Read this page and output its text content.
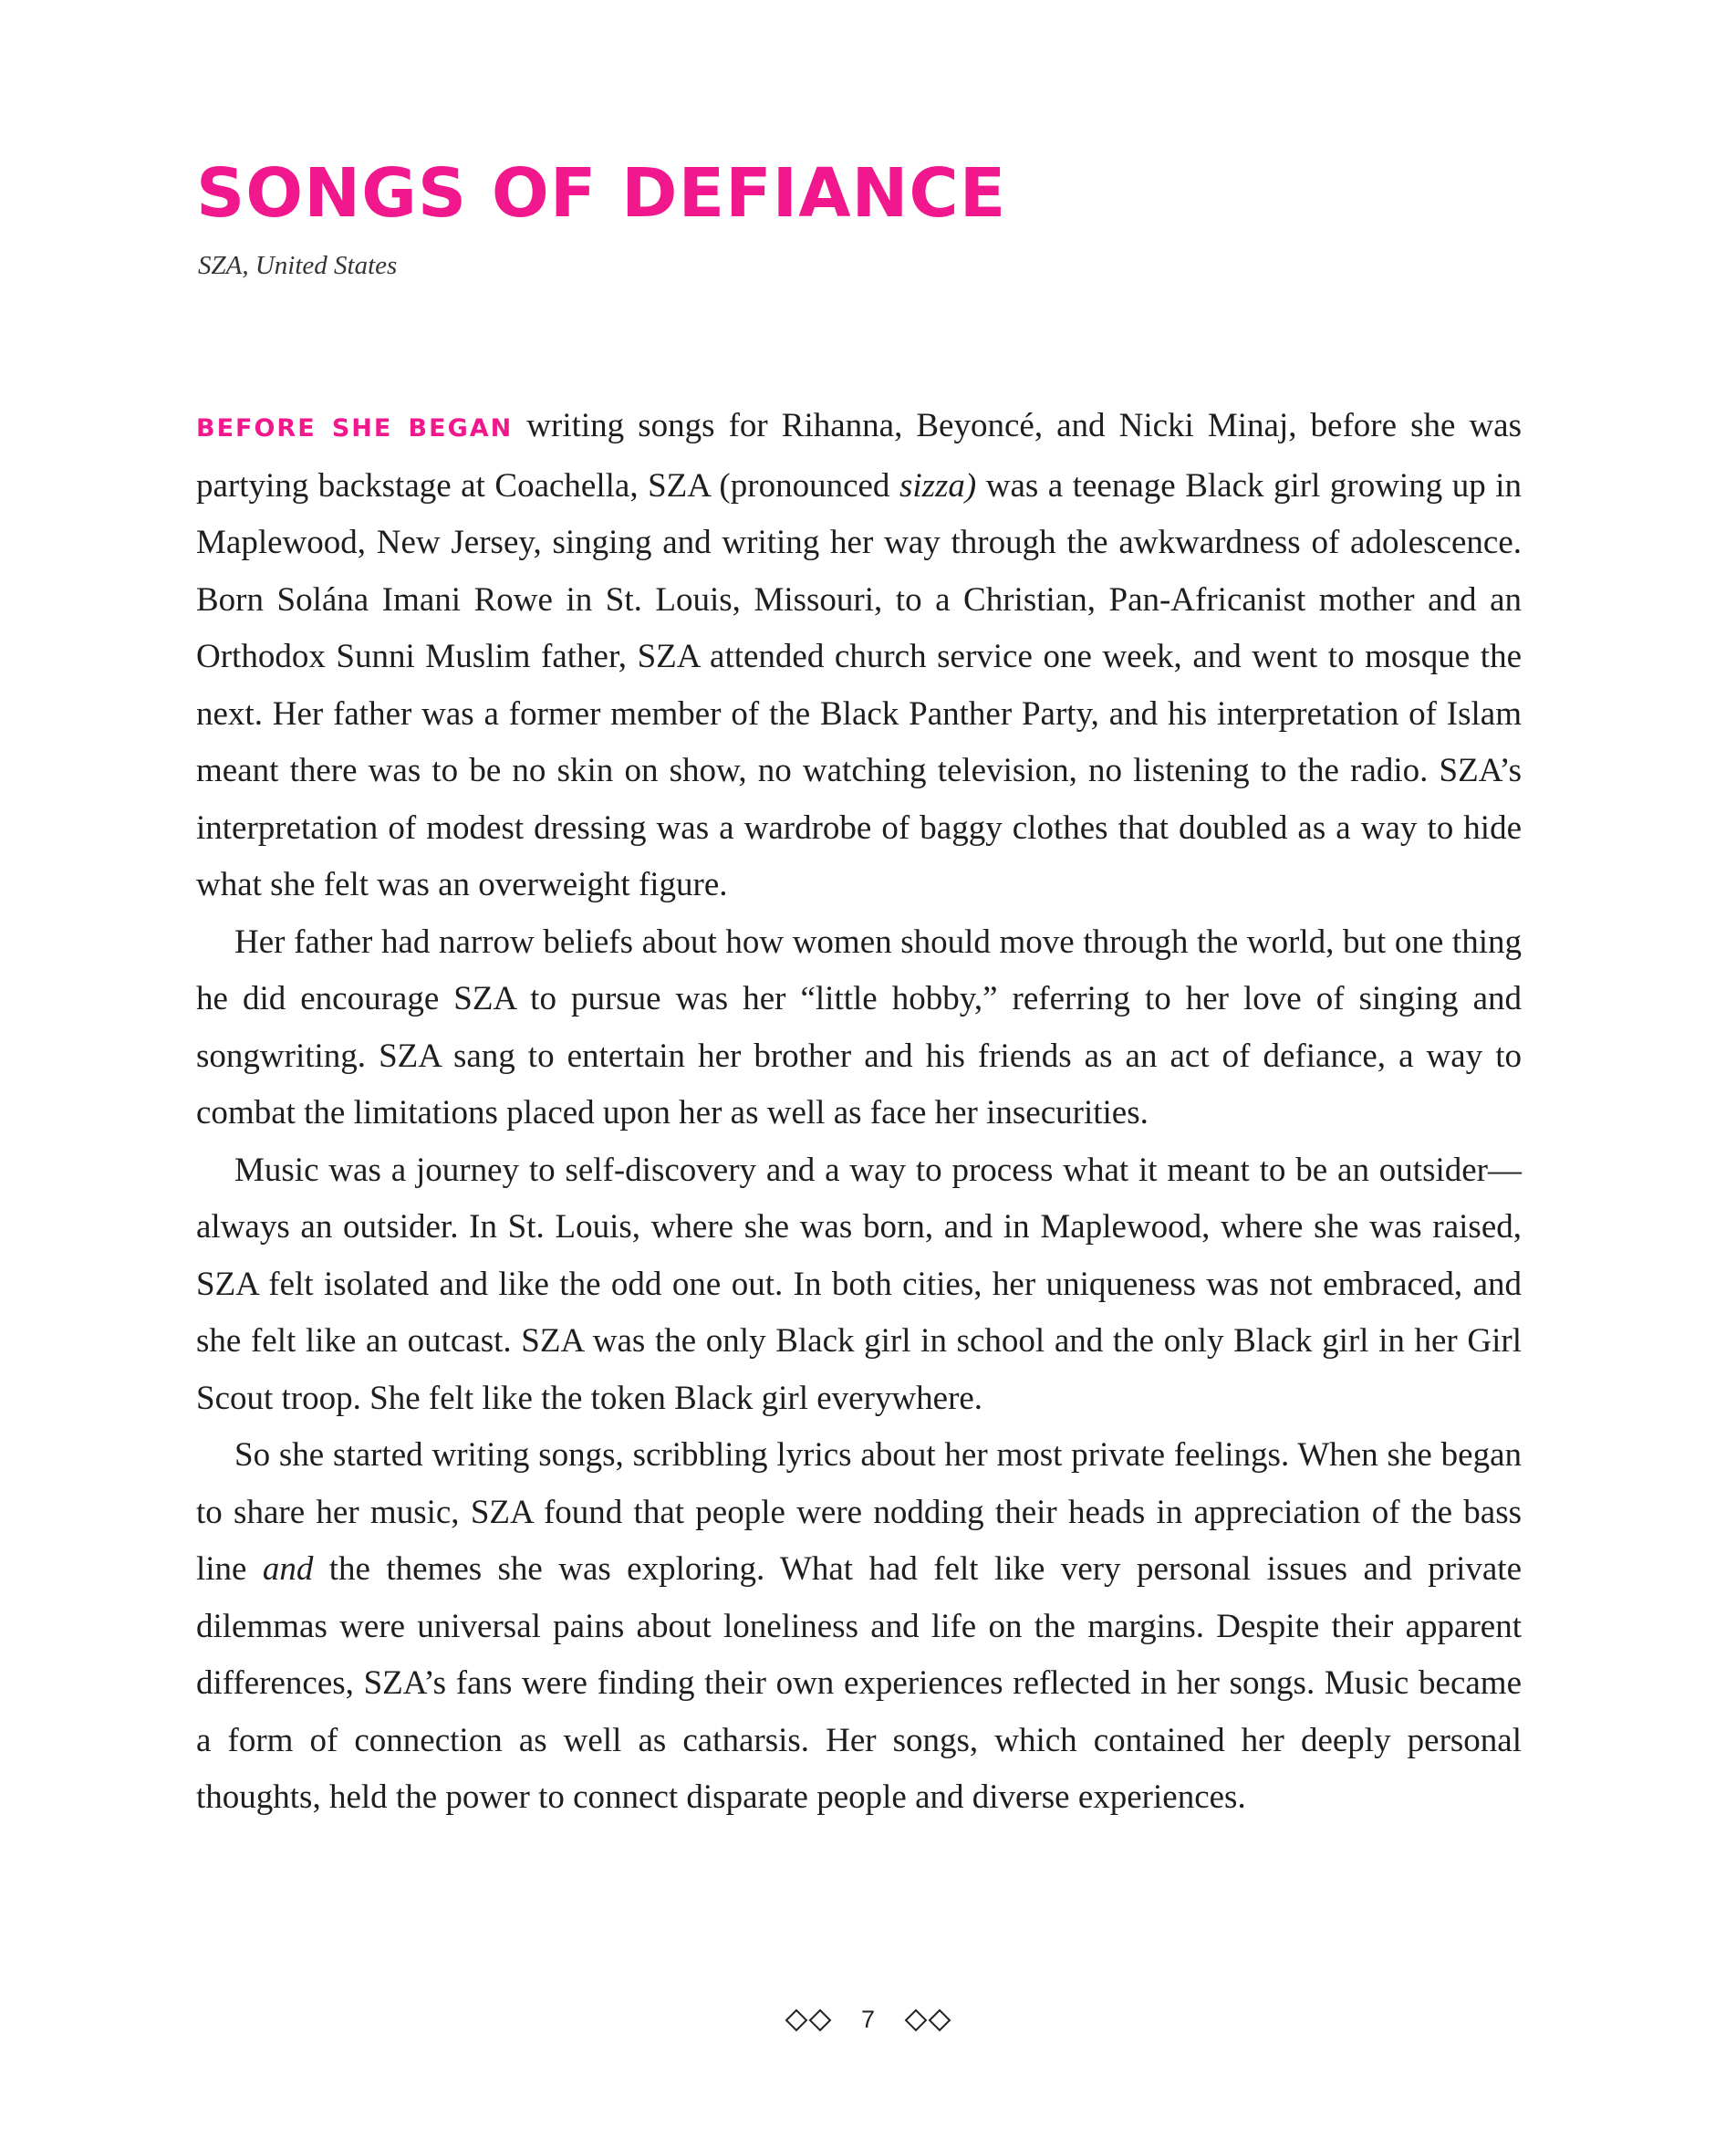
SONGS OF DEFIANCE
SZA, United States

BEFORE SHE BEGAN writing songs for Rihanna, Beyoncé, and Nicki Minaj, before she was partying backstage at Coachella, SZA (pronounced sizza) was a teenage Black girl growing up in Maplewood, New Jersey, singing and writing her way through the awkwardness of adolescence. Born Solána Imani Rowe in St. Louis, Missouri, to a Christian, Pan-Africanist mother and an Orthodox Sunni Muslim father, SZA attended church service one week, and went to mosque the next. Her father was a former member of the Black Panther Party, and his interpretation of Islam meant there was to be no skin on show, no watching television, no listening to the radio. SZA’s interpretation of modest dressing was a wardrobe of baggy clothes that doubled as a way to hide what she felt was an overweight figure.

Her father had narrow beliefs about how women should move through the world, but one thing he did encourage SZA to pursue was her “little hobby,” referring to her love of singing and songwriting. SZA sang to entertain her brother and his friends as an act of defiance, a way to combat the limitations placed upon her as well as face her insecurities.

Music was a journey to self-discovery and a way to process what it meant to be an outsider—always an outsider. In St. Louis, where she was born, and in Maplewood, where she was raised, SZA felt isolated and like the odd one out. In both cities, her uniqueness was not embraced, and she felt like an outcast. SZA was the only Black girl in school and the only Black girl in her Girl Scout troop. She felt like the token Black girl everywhere.

So she started writing songs, scribbling lyrics about her most private feelings. When she began to share her music, SZA found that people were nodding their heads in appreciation of the bass line and the themes she was exploring. What had felt like very personal issues and private dilemmas were universal pains about loneliness and life on the margins. Despite their apparent differences, SZA’s fans were finding their own experiences reflected in her songs. Music became a form of connection as well as catharsis. Her songs, which contained her deeply personal thoughts, held the power to connect disparate people and diverse experiences.

7
